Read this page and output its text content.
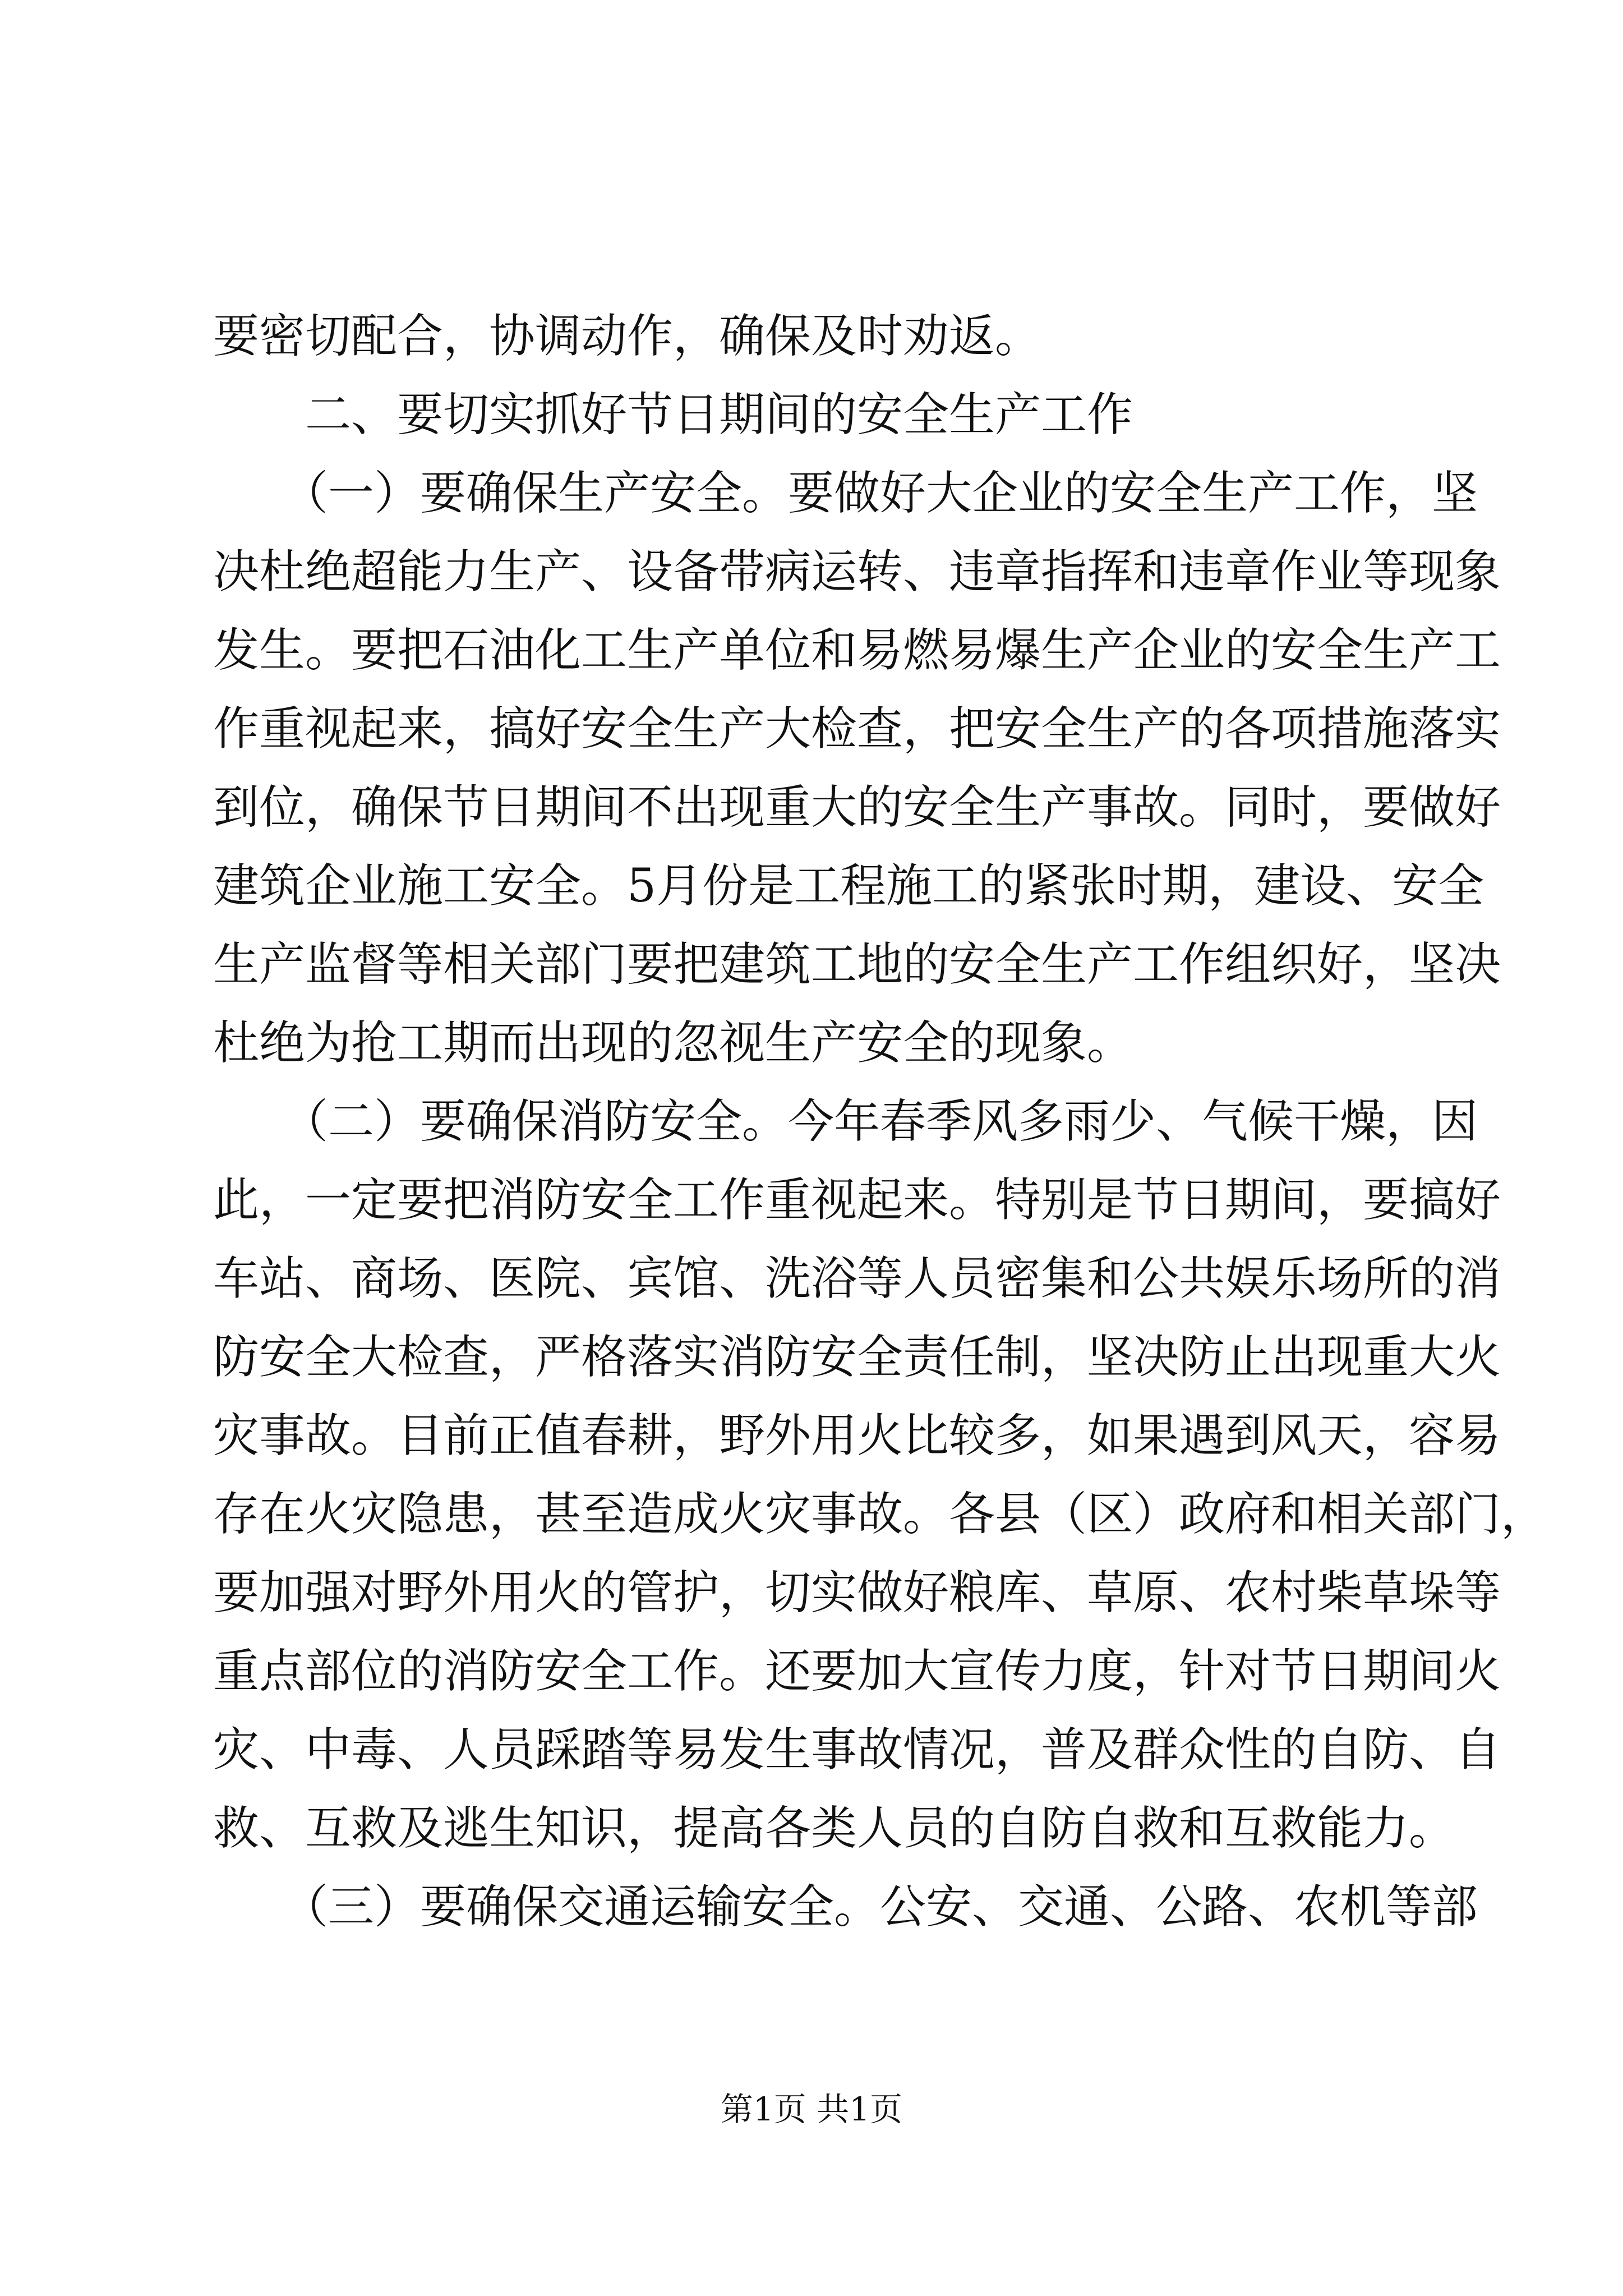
要密切配合，协调动作，确保及时劝返。
　　二、要切实抓好节日期间的安全生产工作
　　（一）要确保生产安全。要做好大企业的安全生产工作，坚
决杜绝超能力生产、设备带病运转、违章指挥和违章作业等现象
发生。要把石油化工生产单位和易燃易爆生产企业的安全生产工
作重视起来，搞好安全生产大检查，把安全生产的各项措施落实
到位，确保节日期间不出现重大的安全生产事故。同时，要做好
建筑企业施工安全。5月份是工程施工的紧张时期，建设、安全
生产监督等相关部门要把建筑工地的安全生产工作组织好，坚决
杜绝为抢工期而出现的忽视生产安全的现象。
　　（二）要确保消防安全。今年春季风多雨少、气候干燥，因
此，一定要把消防安全工作重视起来。特别是节日期间，要搞好
车站、商场、医院、宾馆、洗浴等人员密集和公共娱乐场所的消
防安全大检查，严格落实消防安全责任制，坚决防止出现重大火
灾事故。目前正值春耕，野外用火比较多，如果遇到风天，容易
存在火灾隐患，甚至造成火灾事故。各县（区）政府和相关部门，
要加强对野外用火的管护，切实做好粮库、草原、农村柴草垛等
重点部位的消防安全工作。还要加大宣传力度，针对节日期间火
灾、中毒、人员踩踏等易发生事故情况，普及群众性的自防、自
救、互救及逃生知识，提高各类人员的自防自救和互救能力。
　　（三）要确保交通运输安全。公安、交通、公路、农机等部
第1页 共1页
